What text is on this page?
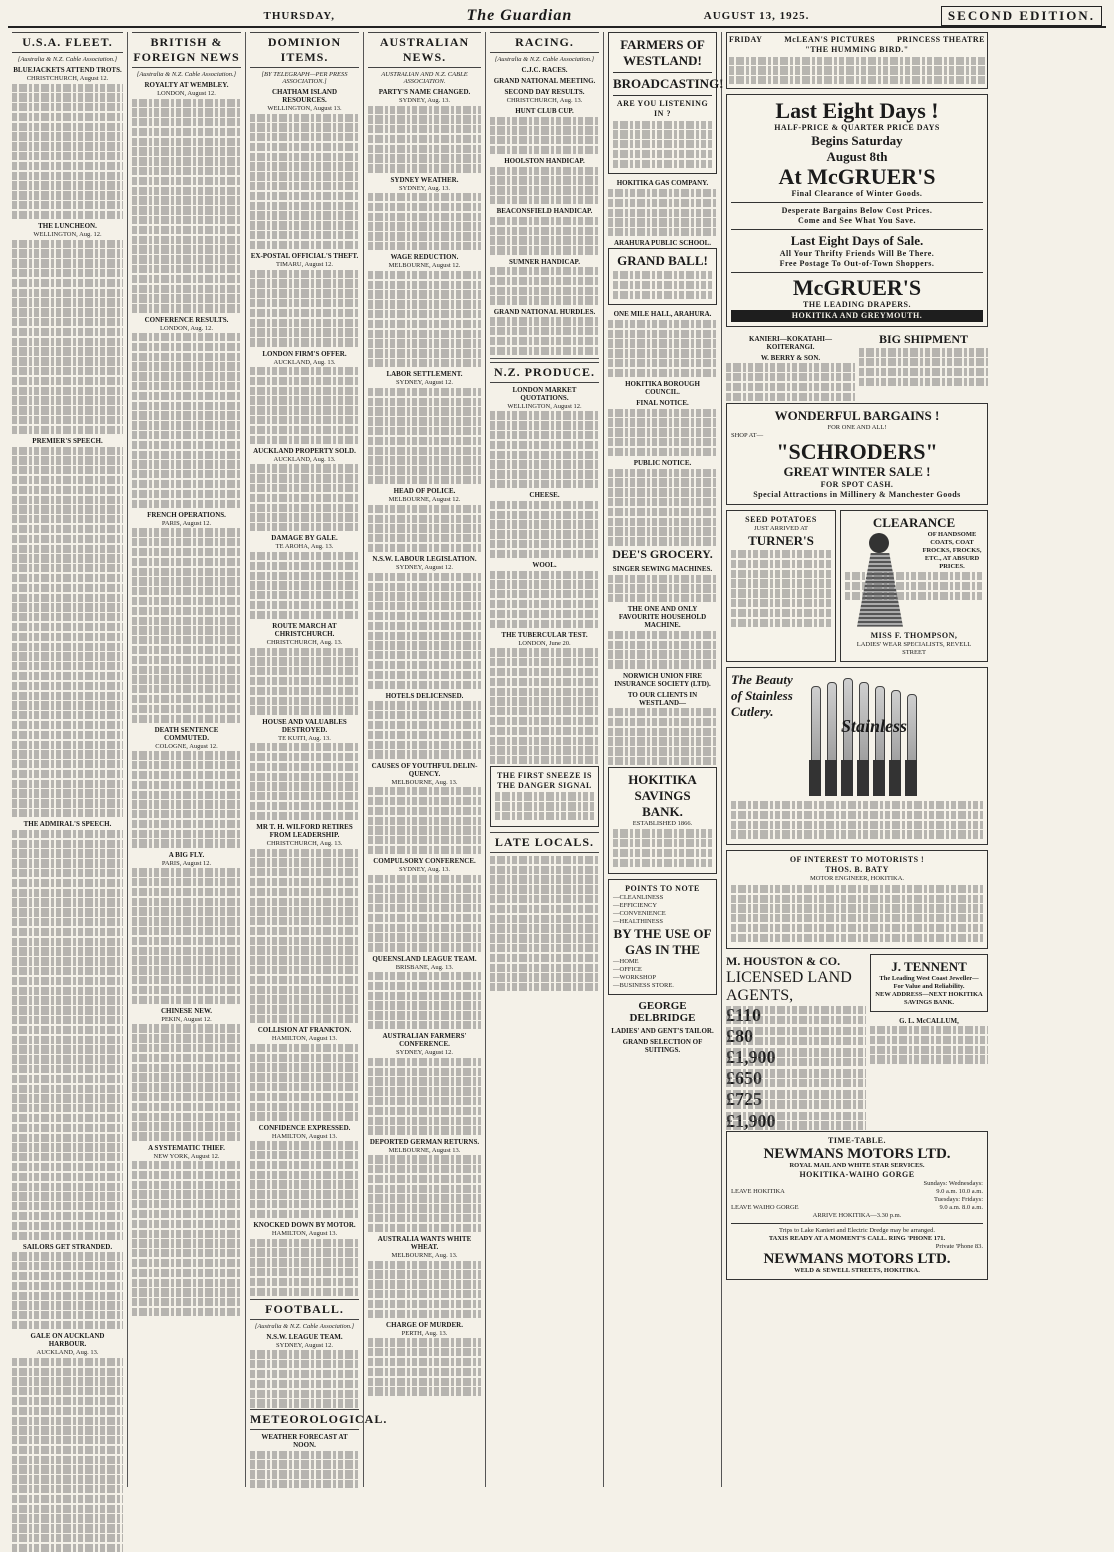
THURSDAY,	The Guardian	AUGUST 13, 1925.	SECOND EDITION.
U.S.A. FLEET.
[Australia & N.Z. Cable Association.]
BLUEJACKETS ATTEND TROTS.
CHRISTCHURCH, August 12.
THE LUNCHEON.
WELLINGTON, Aug. 12.
PREMIER'S SPEECH.
THE ADMIRAL'S SPEECH.
SAILORS GET STRANDED.
GALE ON AUCKLAND HARBOUR.
AUCKLAND, Aug. 13.
BRITISH & FOREIGN NEWS
[Australia & N.Z. Cable Association.]
ROYALTY AT WEMBLEY.
LONDON, August 12.
CONFERENCE RESULTS.
LONDON, Aug. 12.
FRENCH OPERATIONS.
PARIS, August 12.
DEATH SENTENCE COMMUTED.
COLOGNE, August 12.
A BIG FLY.
PARIS, August 12.
CHINESE NEW.
PEKIN, August 12.
A SYSTEMATIC THIEF.
NEW YORK, August 12.
DOMINION ITEMS.
[BY TELEGRAPH—PER PRESS ASSOCIATION.]
CHATHAM ISLAND RESOURCES.
WELLINGTON, August 13.
EX-POSTAL OFFICIAL'S THEFT.
TIMARU, August 12.
LONDON FIRM'S OFFER.
AUCKLAND, Aug. 13.
AUCKLAND PROPERTY SOLD.
AUCKLAND, Aug. 13.
DAMAGE BY GALE.
TE AROHA, Aug. 13.
ROUTE MARCH AT CHRISTCHURCH.
CHRISTCHURCH, Aug. 13.
HOUSE AND VALUABLES DESTROYED.
TE KUITI, Aug. 13.
MR T. H. WILFORD RETIRES FROM LEADERSHIP.
CHRISTCHURCH, Aug. 13.
COLLISION AT FRANKTON.
HAMILTON, August 13.
CONFIDENCE EXPRESSED.
HAMILTON, August 13.
KNOCKED DOWN BY MOTOR.
HAMILTON, August 13.
FOOTBALL.
[Australia & N.Z. Cable Association.]
N.S.W. LEAGUE TEAM.
SYDNEY, August 12.
METEOROLOGICAL.
WEATHER FORECAST AT NOON.
AUSTRALIAN NEWS.
AUSTRALIAN AND N.Z. CABLE ASSOCIATION.
PARTY'S NAME CHANGED.
SYDNEY, Aug. 13.
SYDNEY WEATHER.
SYDNEY, Aug. 13.
WAGE REDUCTION.
MELBOURNE, August 12.
LABOR SETTLEMENT.
SYDNEY, August 12.
HEAD OF POLICE.
MELBOURNE, August 12.
N.S.W. LABOUR LEGISLATION.
SYDNEY, August 12.
HOTELS DELICENSED.
CAUSES OF YOUTHFUL DELIN-QUENCY.
MELBOURNE, Aug. 13.
COMPULSORY CONFERENCE.
SYDNEY, Aug. 13.
QUEENSLAND LEAGUE TEAM.
BRISBANE, Aug. 13.
AUSTRALIAN FARMERS' CONFERENCE.
SYDNEY, August 12.
DEPORTED GERMAN RETURNS.
MELBOURNE, August 13.
AUSTRALIA WANTS WHITE WHEAT.
MELBOURNE, Aug. 13.
CHARGE OF MURDER.
PERTH, Aug. 13.
RACING.
[Australia & N.Z. Cable Association.]
C.J.C. RACES.
GRAND NATIONAL MEETING.
SECOND DAY RESULTS.
CHRISTCHURCH, Aug. 13.
HUNT CLUB CUP.
HOOLSTON HANDICAP.
BEACONSFIELD HANDICAP.
SUMNER HANDICAP.
GRAND NATIONAL HURDLES.
N.Z. PRODUCE.
LONDON MARKET QUOTATIONS.
WELLINGTON, August 12.
CHEESE.
WOOL.
THE TUBERCULAR TEST.
LONDON, June 20.
THE FIRST SNEEZE IS THE DANGER SIGNAL
LATE LOCALS.
FARMERS OF WESTLAND!
BROADCASTING!
ARE YOU LISTENING IN ?
HOKITIKA GAS COMPANY.
ARAHURA PUBLIC SCHOOL.
GRAND BALL!
ONE MILE HALL, ARAHURA.
HOKITIKA BOROUGH COUNCIL.
FINAL NOTICE.
PUBLIC NOTICE.
DEE'S GROCERY.
SINGER SEWING MACHINES.
THE ONE AND ONLY FAVOURITE HOUSEHOLD MACHINE.
NORWICH UNION FIRE INSURANCE SOCIETY (LTD).
TO OUR CLIENTS IN WESTLAND—
HOKITIKA SAVINGS BANK.
ESTABLISHED 1866.
POINTS TO NOTE
—CLEANLINESS
—EFFICIENCY
—CONVENIENCE
—HEALTHINESS
BY THE USE OF GAS IN THE
—HOME
—OFFICE
—WORKSHOP
—BUSINESS STORE.
GEORGE DELBRIDGE
LADIES' AND GENT'S TAILOR.
GRAND SELECTION OF SUITINGS.
FRIDAY	McLEAN'S PICTURES	PRINCESS THEATRE
"THE HUMMING BIRD."
Last Eight Days !
HALF-PRICE & QUARTER PRICE DAYS
Begins Saturday
August 8th
At McGRUER'S
Final Clearance of Winter Goods.
Desperate Bargains Below Cost Prices.
Come and See What You Save.
Last Eight Days of Sale.
All Your Thrifty Friends Will Be There.
Free Postage To Out-of-Town Shoppers.
McGRUER'S
THE LEADING DRAPERS.
HOKITIKA AND GREYMOUTH.
KANIERI—KOKATAHI—KOITERANGI.
W. BERRY & SON.
BIG SHIPMENT
WONDERFUL BARGAINS !
FOR ONE AND ALL!
SHOP AT—
"SCHRODERS"
GREAT WINTER SALE !
FOR SPOT CASH.
Special Attractions in Millinery & Manchester Goods
SEED POTATOES
JUST ARRIVED AT
TURNER'S
CLEARANCE
OF HANDSOME COATS, COAT FROCKS, FROCKS, ETC., AT ABSURD PRICES.
MISS F. THOMPSON,
LADIES' WEAR SPECIALISTS, REVELL STREET
The Beauty of Stainless Cutlery.
Stainless
OF INTEREST TO MOTORISTS !
THOS. B. BATY
MOTOR ENGINEER, HOKITIKA.
M. HOUSTON & CO.
LICENSED LAND AGENTS,
£110
£80
£1,900
£650
£725
£1,900
J. TENNENT
The Leading West Coast Jeweller—For Value and Reliability.
NEW ADDRESS—NEXT HOKITIKA SAVINGS BANK.
G. L. McCALLUM,
TIME-TABLE.
NEWMANS MOTORS LTD.
ROYAL MAIL AND WHITE STAR SERVICES.
HOKITIKA-WAIHO GORGE
Sundays: Wednesdays:
LEAVE HOKITIKA	9.0 a.m. 10.0 a.m.
Tuesdays: Fridays:
LEAVE WAIHO GORGE	9.0 a.m. 8.0 a.m.
ARRIVE HOKITIKA—3.30 p.m.
Trips to Lake Kanieri and Electric Dredge may be arranged.
TAXIS READY AT A MOMENT'S CALL. RING 'PHONE 171.
Private 'Phone 83.
NEWMANS MOTORS LTD.
WELD & SEWELL STREETS, HOKITIKA.
